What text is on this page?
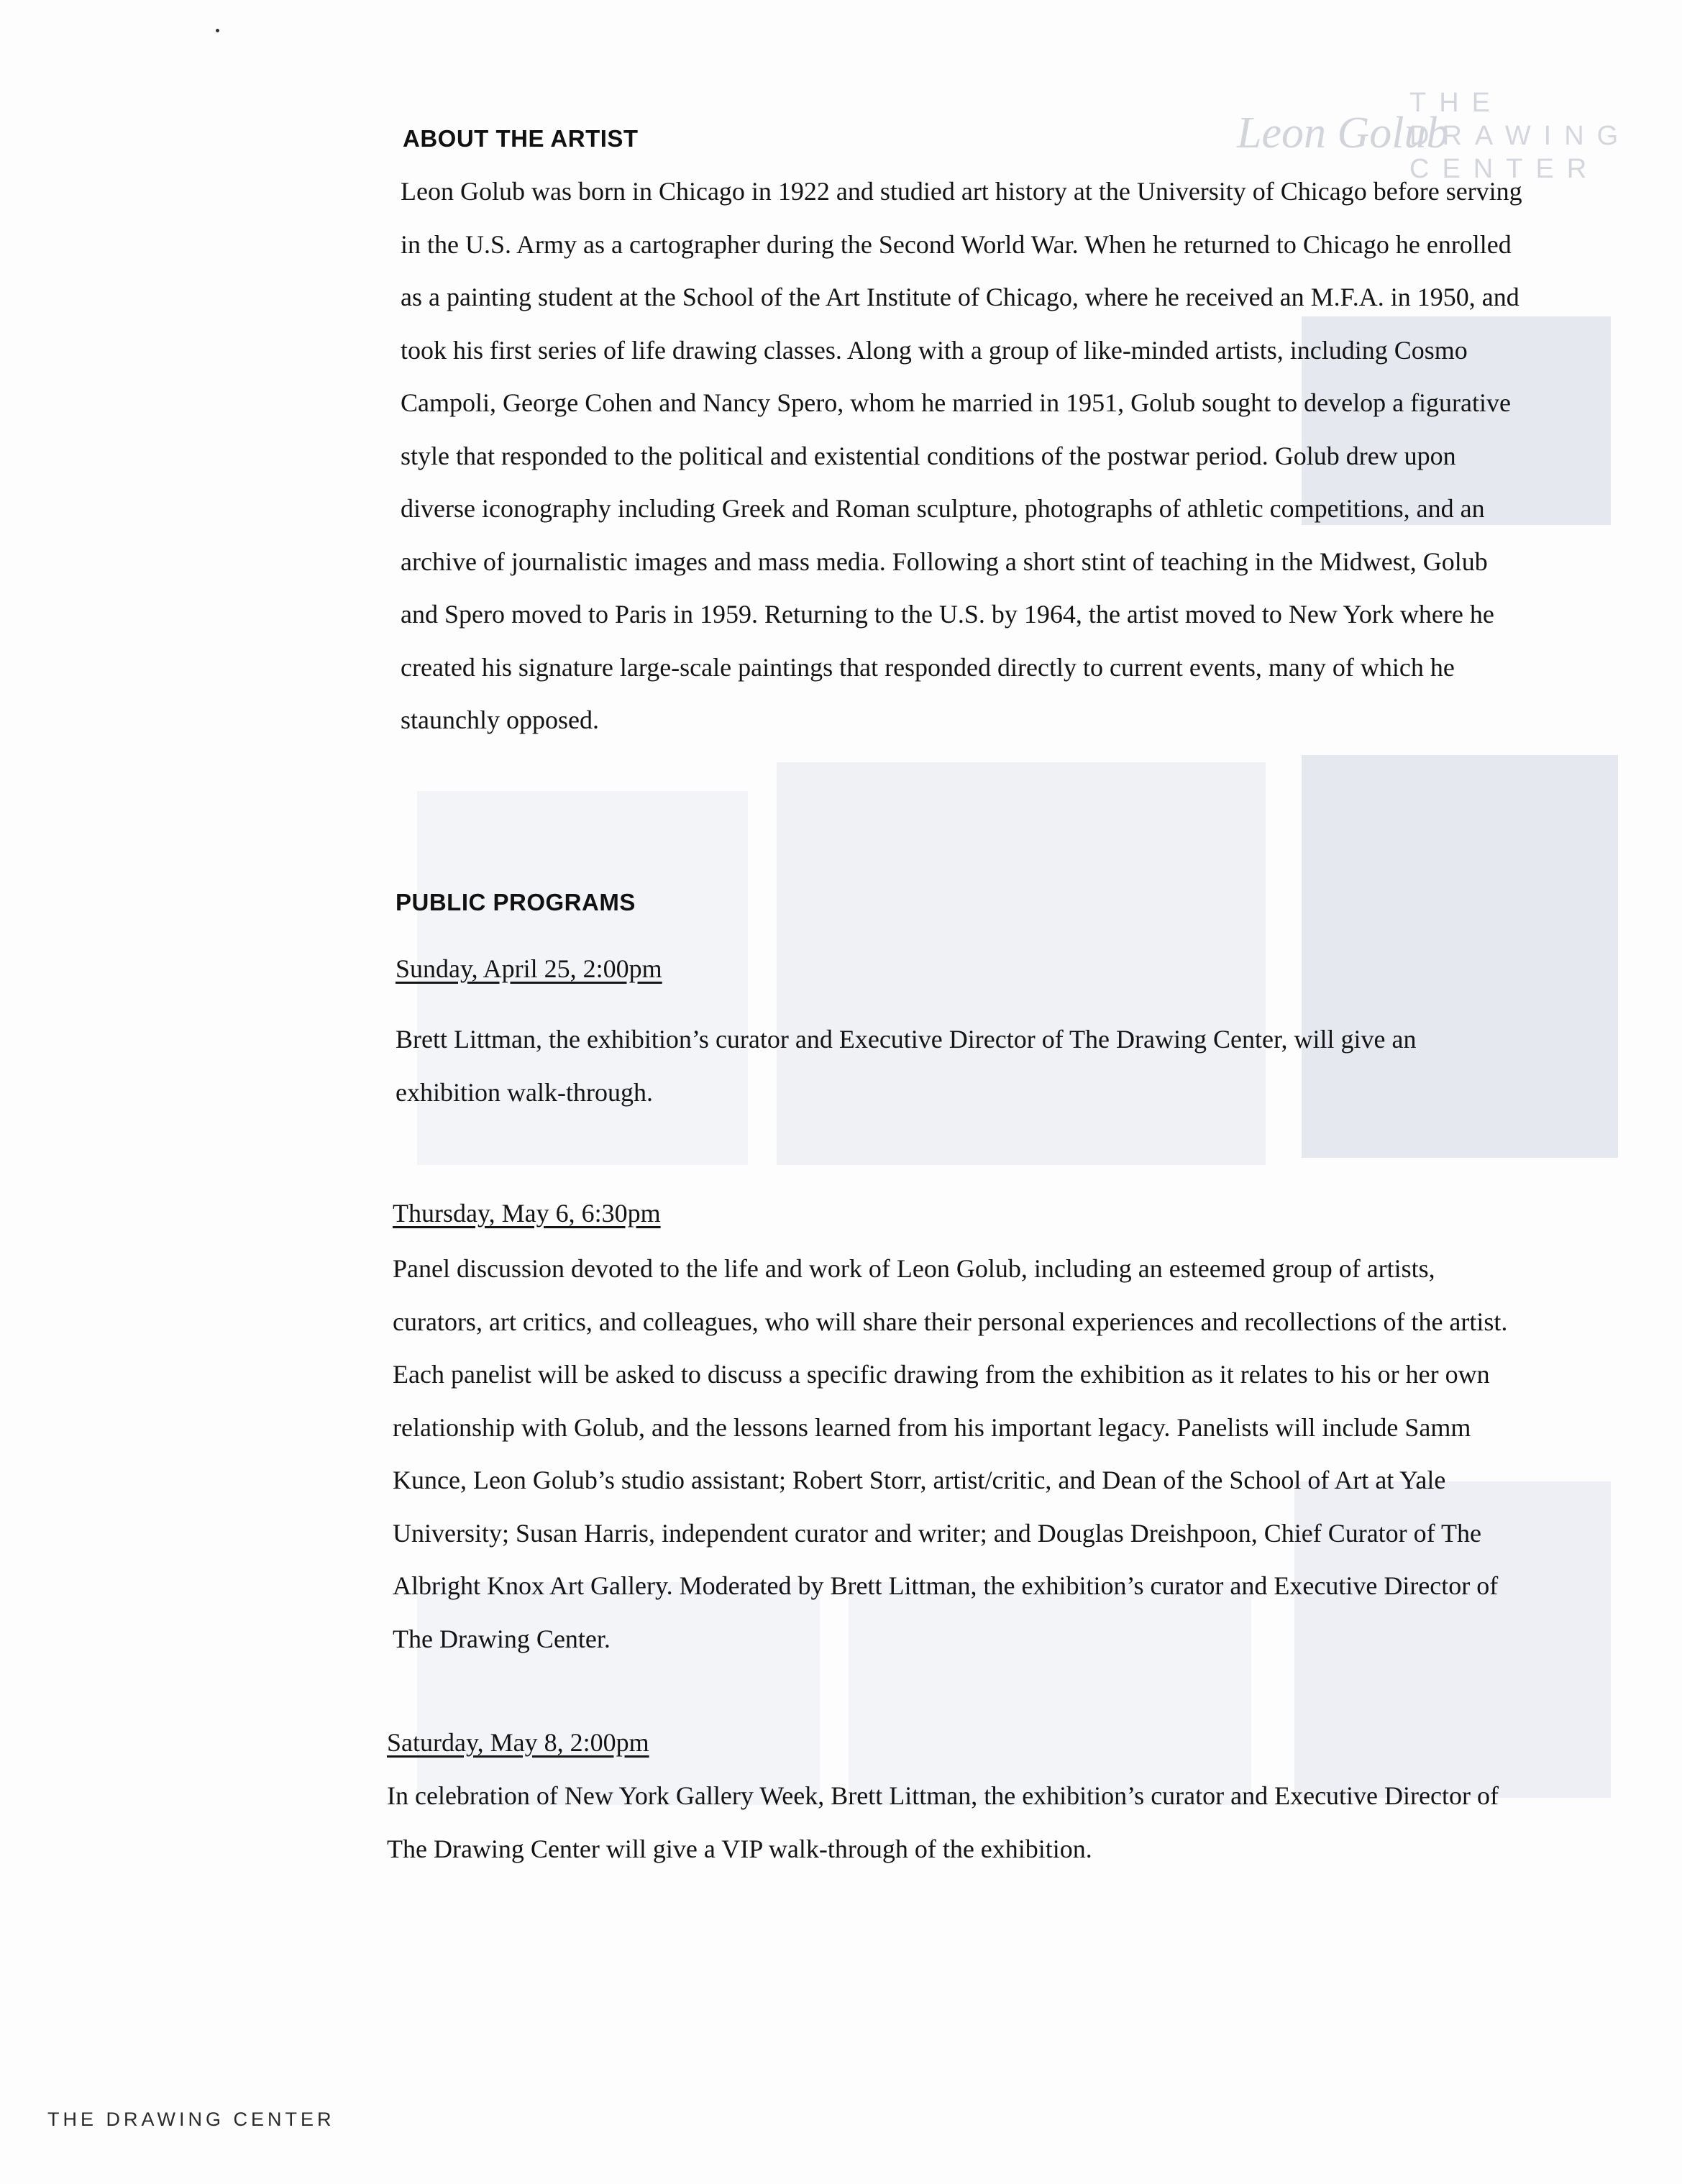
Leon Golub
THE
DRAWING
CENTER
ABOUT THE ARTIST
Leon Golub was born in Chicago in 1922 and studied art history at the University of Chicago before serving in the U.S. Army as a cartographer during the Second World War. When he returned to Chicago he enrolled as a painting student at the School of the Art Institute of Chicago, where he received an M.F.A. in 1950, and took his first series of life drawing classes. Along with a group of like-minded artists, including Cosmo Campoli, George Cohen and Nancy Spero, whom he married in 1951, Golub sought to develop a figurative style that responded to the political and existential conditions of the postwar period. Golub drew upon diverse iconography including Greek and Roman sculpture, photographs of athletic competitions, and an archive of journalistic images and mass media. Following a short stint of teaching in the Midwest, Golub and Spero moved to Paris in 1959. Returning to the U.S. by 1964, the artist moved to New York where he created his signature large-scale paintings that responded directly to current events, many of which he staunchly opposed.
PUBLIC PROGRAMS
Sunday, April 25, 2:00pm
Brett Littman, the exhibition’s curator and Executive Director of The Drawing Center, will give an exhibition walk-through.
Thursday, May 6, 6:30pm
Panel discussion devoted to the life and work of Leon Golub, including an esteemed group of artists, curators, art critics, and colleagues, who will share their personal experiences and recollections of the artist. Each panelist will be asked to discuss a specific drawing from the exhibition as it relates to his or her own relationship with Golub, and the lessons learned from his important legacy. Panelists will include Samm Kunce, Leon Golub’s studio assistant; Robert Storr, artist/critic, and Dean of the School of Art at Yale University; Susan Harris, independent curator and writer; and Douglas Dreishpoon, Chief Curator of The Albright Knox Art Gallery. Moderated by Brett Littman, the exhibition’s curator and Executive Director of The Drawing Center.
Saturday, May 8, 2:00pm
In celebration of New York Gallery Week, Brett Littman, the exhibition’s curator and Executive Director of The Drawing Center will give a VIP walk-through of the exhibition.
THE DRAWING CENTER
